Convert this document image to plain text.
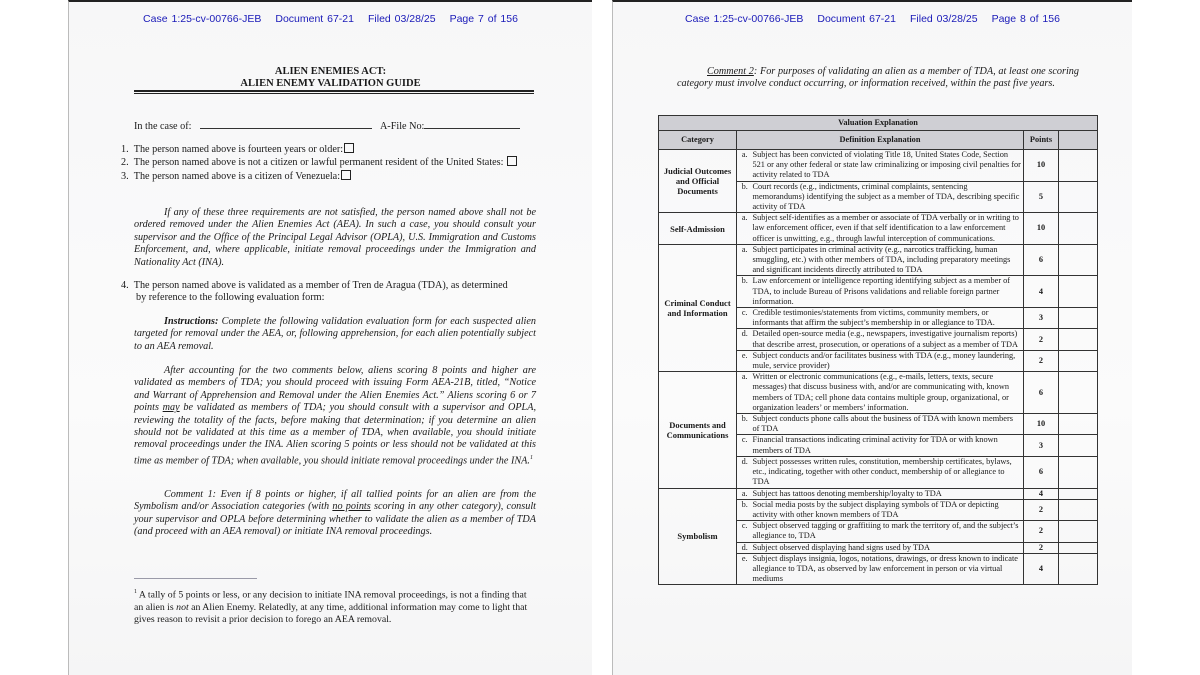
Case 1:25-cv-00766-JEB Document 67-21 Filed 03/28/25 Page 7 of 156
ALIEN ENEMIES ACT:
ALIEN ENEMY VALIDATION GUIDE
In the case of:	A-File No:
1. The person named above is fourteen years or older:
2. The person named above is not a citizen or lawful permanent resident of the United States:
3. The person named above is a citizen of Venezuela:

If any of these three requirements are not satisfied, the person named above shall not be ordered removed under the Alien Enemies Act (AEA). In such a case, you should consult your supervisor and the Office of the Principal Legal Advisor (OPLA), U.S. Immigration and Customs Enforcement, and, where applicable, initiate removal proceedings under the Immigration and Nationality Act (INA).

4. The person named above is validated as a member of Tren de Aragua (TDA), as determined by reference to the following evaluation form:

Instructions: Complete the following validation evaluation form for each suspected alien targeted for removal under the AEA, or, following apprehension, for each alien potentially subject to an AEA removal.

After accounting for the two comments below, aliens scoring 8 points and higher are validated as members of TDA; you should proceed with issuing Form AEA-21B, titled, “Notice and Warrant of Apprehension and Removal under the Alien Enemies Act.” Aliens scoring 6 or 7 points may be validated as members of TDA; you should consult with a supervisor and OPLA, reviewing the totality of the facts, before making that determination; if you determine an alien should not be validated at this time as a member of TDA, when available, you should initiate removal proceedings under the INA. Alien scoring 5 points or less should not be validated at this time as member of TDA; when available, you should initiate removal proceedings under the INA.$^1$

Comment 1: Even if 8 points or higher, if all tallied points for an alien are from the Symbolism and/or Association categories (with no points scoring in any other category), consult your supervisor and OPLA before determining whether to validate the alien as a member of TDA (and proceed with an AEA removal) or initiate INA removal proceedings.

$^1$ A tally of 5 points or less, or any decision to initiate INA removal proceedings, is not a finding that an alien is not an Alien Enemy. Relatedly, at any time, additional information may come to light that gives reason to revisit a prior decision to forego an AEA removal.

Case 1:25-cv-00766-JEB Document 67-21 Filed 03/28/25 Page 8 of 156

Comment 2: For purposes of validating an alien as a member of TDA, at least one scoring category must involve conduct occurring, or information received, within the past five years.

Valuation Explanation				
Category	Definition Explanation		Points	
Judicial Outcomes and Official Documents	a.	Subject has been convicted of violating Title 18, United States Code, Section 521 or any other federal or state law criminalizing or imposing civil penalties for activity related to TDA	10	
	b.	Court records (e.g., indictments, criminal complaints, sentencing memorandums) identifying the subject as a member of TDA, describing specific activity of TDA	5	
Self-Admission	a.	Subject self-identifies as a member or associate of TDA verbally or in writing to law enforcement officer, even if that self identification to a law enforcement officer is unwitting, e.g., through lawful interception of communications.	10	
Criminal Conduct and Information	a.	Subject participates in criminal activity (e.g., narcotics trafficking, human smuggling, etc.) with other members of TDA, including preparatory meetings and significant incidents directly attributed to TDA	6	
	b.	Law enforcement or intelligence reporting identifying subject as a member of TDA, to include Bureau of Prisons validations and reliable foreign partner information.	4	
	c.	Credible testimonies/statements from victims, community members, or informants that affirm the subject’s membership in or allegiance to TDA.	3	
	d.	Detailed open-source media (e.g., newspapers, investigative journalism reports) that describe arrest, prosecution, or operations of a subject as a member of TDA	2	
	e.	Subject conducts and/or facilitates business with TDA (e.g., money laundering, mule, service provider)	2	
Documents and Communications	a.	Written or electronic communications (e.g., e-mails, letters, texts, secure messages) that discuss business with, and/or are communicating with, known members of TDA; cell phone data contains multiple group, organizational, or organization leaders’ or members’ information.	6	
	b.	Subject conducts phone calls about the business of TDA with known members of TDA	10	
	c.	Financial transactions indicating criminal activity for TDA or with known members of TDA	3	
	d.	Subject possesses written rules, constitution, membership certificates, bylaws, etc., indicating, together with other conduct, membership of or allegiance to TDA	6	
Symbolism	a.	Subject has tattoos denoting membership/loyalty to TDA	4	
	b.	Social media posts by the subject displaying symbols of TDA or depicting activity with other known members of TDA	2	
	c.	Subject observed tagging or graffitiing to mark the territory of, and the subject’s allegiance to, TDA	2	
	d.	Subject observed displaying hand signs used by TDA	2	
	e.	Subject displays insignia, logos, notations, drawings, or dress known to indicate allegiance to TDA, as observed by law enforcement in person or via virtual mediums	4	
